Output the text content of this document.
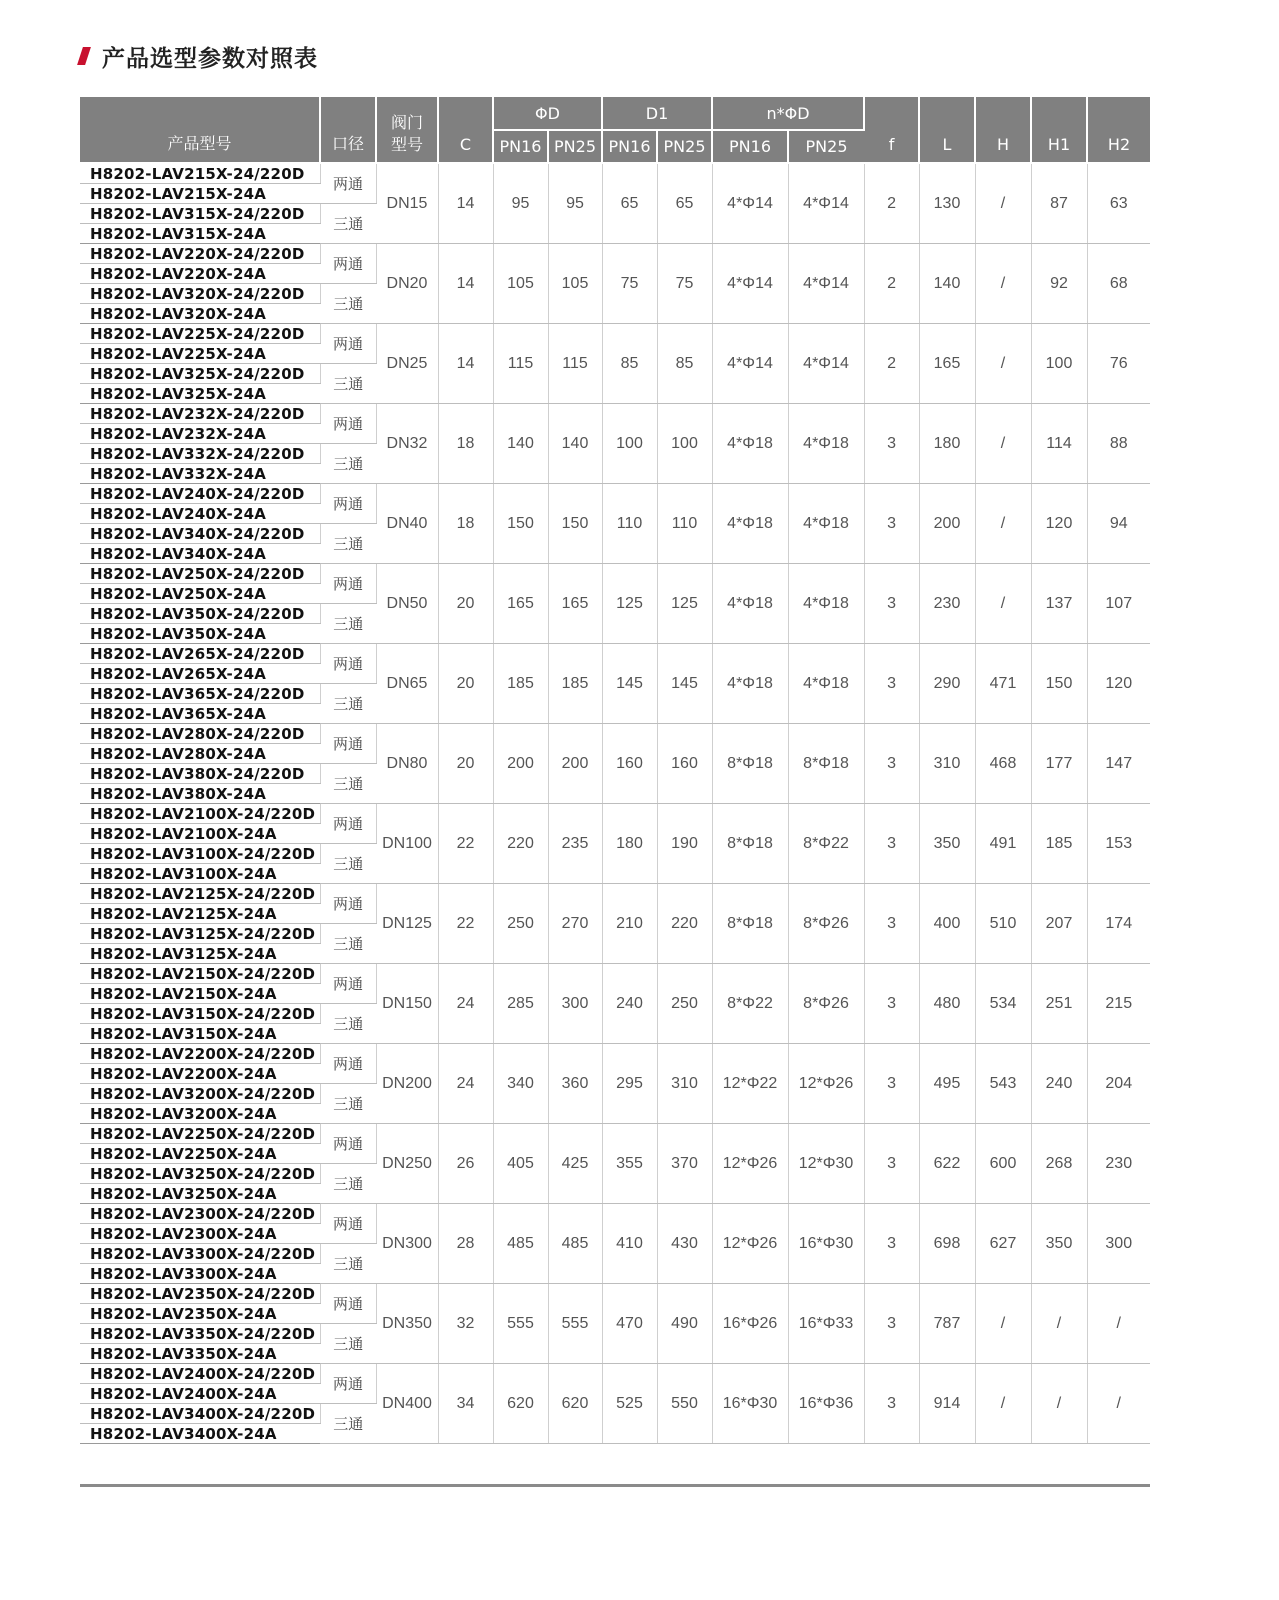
产品选型参数对照表
产品型号	口径	阀门型号	C	ΦD		D1		n*ΦD		f	L	H	H1	H2
				PN16	PN25	PN16	PN25	PN16	PN25					
H8202-LAV215X-24/220D	两通	DN15	14	95	95	65	65	4*Φ14	4*Φ14	2	130	/	87	63
H8202-LAV215X-24A														
H8202-LAV315X-24/220D	三通													
H8202-LAV315X-24A														
H8202-LAV220X-24/220D	两通	DN20	14	105	105	75	75	4*Φ14	4*Φ14	2	140	/	92	68
H8202-LAV220X-24A														
H8202-LAV320X-24/220D	三通													
H8202-LAV320X-24A														
H8202-LAV225X-24/220D	两通	DN25	14	115	115	85	85	4*Φ14	4*Φ14	2	165	/	100	76
H8202-LAV225X-24A														
H8202-LAV325X-24/220D	三通													
H8202-LAV325X-24A														
H8202-LAV232X-24/220D	两通	DN32	18	140	140	100	100	4*Φ18	4*Φ18	3	180	/	114	88
H8202-LAV232X-24A														
H8202-LAV332X-24/220D	三通													
H8202-LAV332X-24A														
H8202-LAV240X-24/220D	两通	DN40	18	150	150	110	110	4*Φ18	4*Φ18	3	200	/	120	94
H8202-LAV240X-24A														
H8202-LAV340X-24/220D	三通													
H8202-LAV340X-24A														
H8202-LAV250X-24/220D	两通	DN50	20	165	165	125	125	4*Φ18	4*Φ18	3	230	/	137	107
H8202-LAV250X-24A														
H8202-LAV350X-24/220D	三通													
H8202-LAV350X-24A														
H8202-LAV265X-24/220D	两通	DN65	20	185	185	145	145	4*Φ18	4*Φ18	3	290	471	150	120
H8202-LAV265X-24A														
H8202-LAV365X-24/220D	三通													
H8202-LAV365X-24A														
H8202-LAV280X-24/220D	两通	DN80	20	200	200	160	160	8*Φ18	8*Φ18	3	310	468	177	147
H8202-LAV280X-24A														
H8202-LAV380X-24/220D	三通													
H8202-LAV380X-24A														
H8202-LAV2100X-24/220D	两通	DN100	22	220	235	180	190	8*Φ18	8*Φ22	3	350	491	185	153
H8202-LAV2100X-24A														
H8202-LAV3100X-24/220D	三通													
H8202-LAV3100X-24A														
H8202-LAV2125X-24/220D	两通	DN125	22	250	270	210	220	8*Φ18	8*Φ26	3	400	510	207	174
H8202-LAV2125X-24A														
H8202-LAV3125X-24/220D	三通													
H8202-LAV3125X-24A														
H8202-LAV2150X-24/220D	两通	DN150	24	285	300	240	250	8*Φ22	8*Φ26	3	480	534	251	215
H8202-LAV2150X-24A														
H8202-LAV3150X-24/220D	三通													
H8202-LAV3150X-24A														
H8202-LAV2200X-24/220D	两通	DN200	24	340	360	295	310	12*Φ22	12*Φ26	3	495	543	240	204
H8202-LAV2200X-24A														
H8202-LAV3200X-24/220D	三通													
H8202-LAV3200X-24A														
H8202-LAV2250X-24/220D	两通	DN250	26	405	425	355	370	12*Φ26	12*Φ30	3	622	600	268	230
H8202-LAV2250X-24A														
H8202-LAV3250X-24/220D	三通													
H8202-LAV3250X-24A														
H8202-LAV2300X-24/220D	两通	DN300	28	485	485	410	430	12*Φ26	16*Φ30	3	698	627	350	300
H8202-LAV2300X-24A														
H8202-LAV3300X-24/220D	三通													
H8202-LAV3300X-24A														
H8202-LAV2350X-24/220D	两通	DN350	32	555	555	470	490	16*Φ26	16*Φ33	3	787	/	/	/
H8202-LAV2350X-24A														
H8202-LAV3350X-24/220D	三通													
H8202-LAV3350X-24A														
H8202-LAV2400X-24/220D	两通	DN400	34	620	620	525	550	16*Φ30	16*Φ36	3	914	/	/	/
H8202-LAV2400X-24A														
H8202-LAV3400X-24/220D	三通													
H8202-LAV3400X-24A														
